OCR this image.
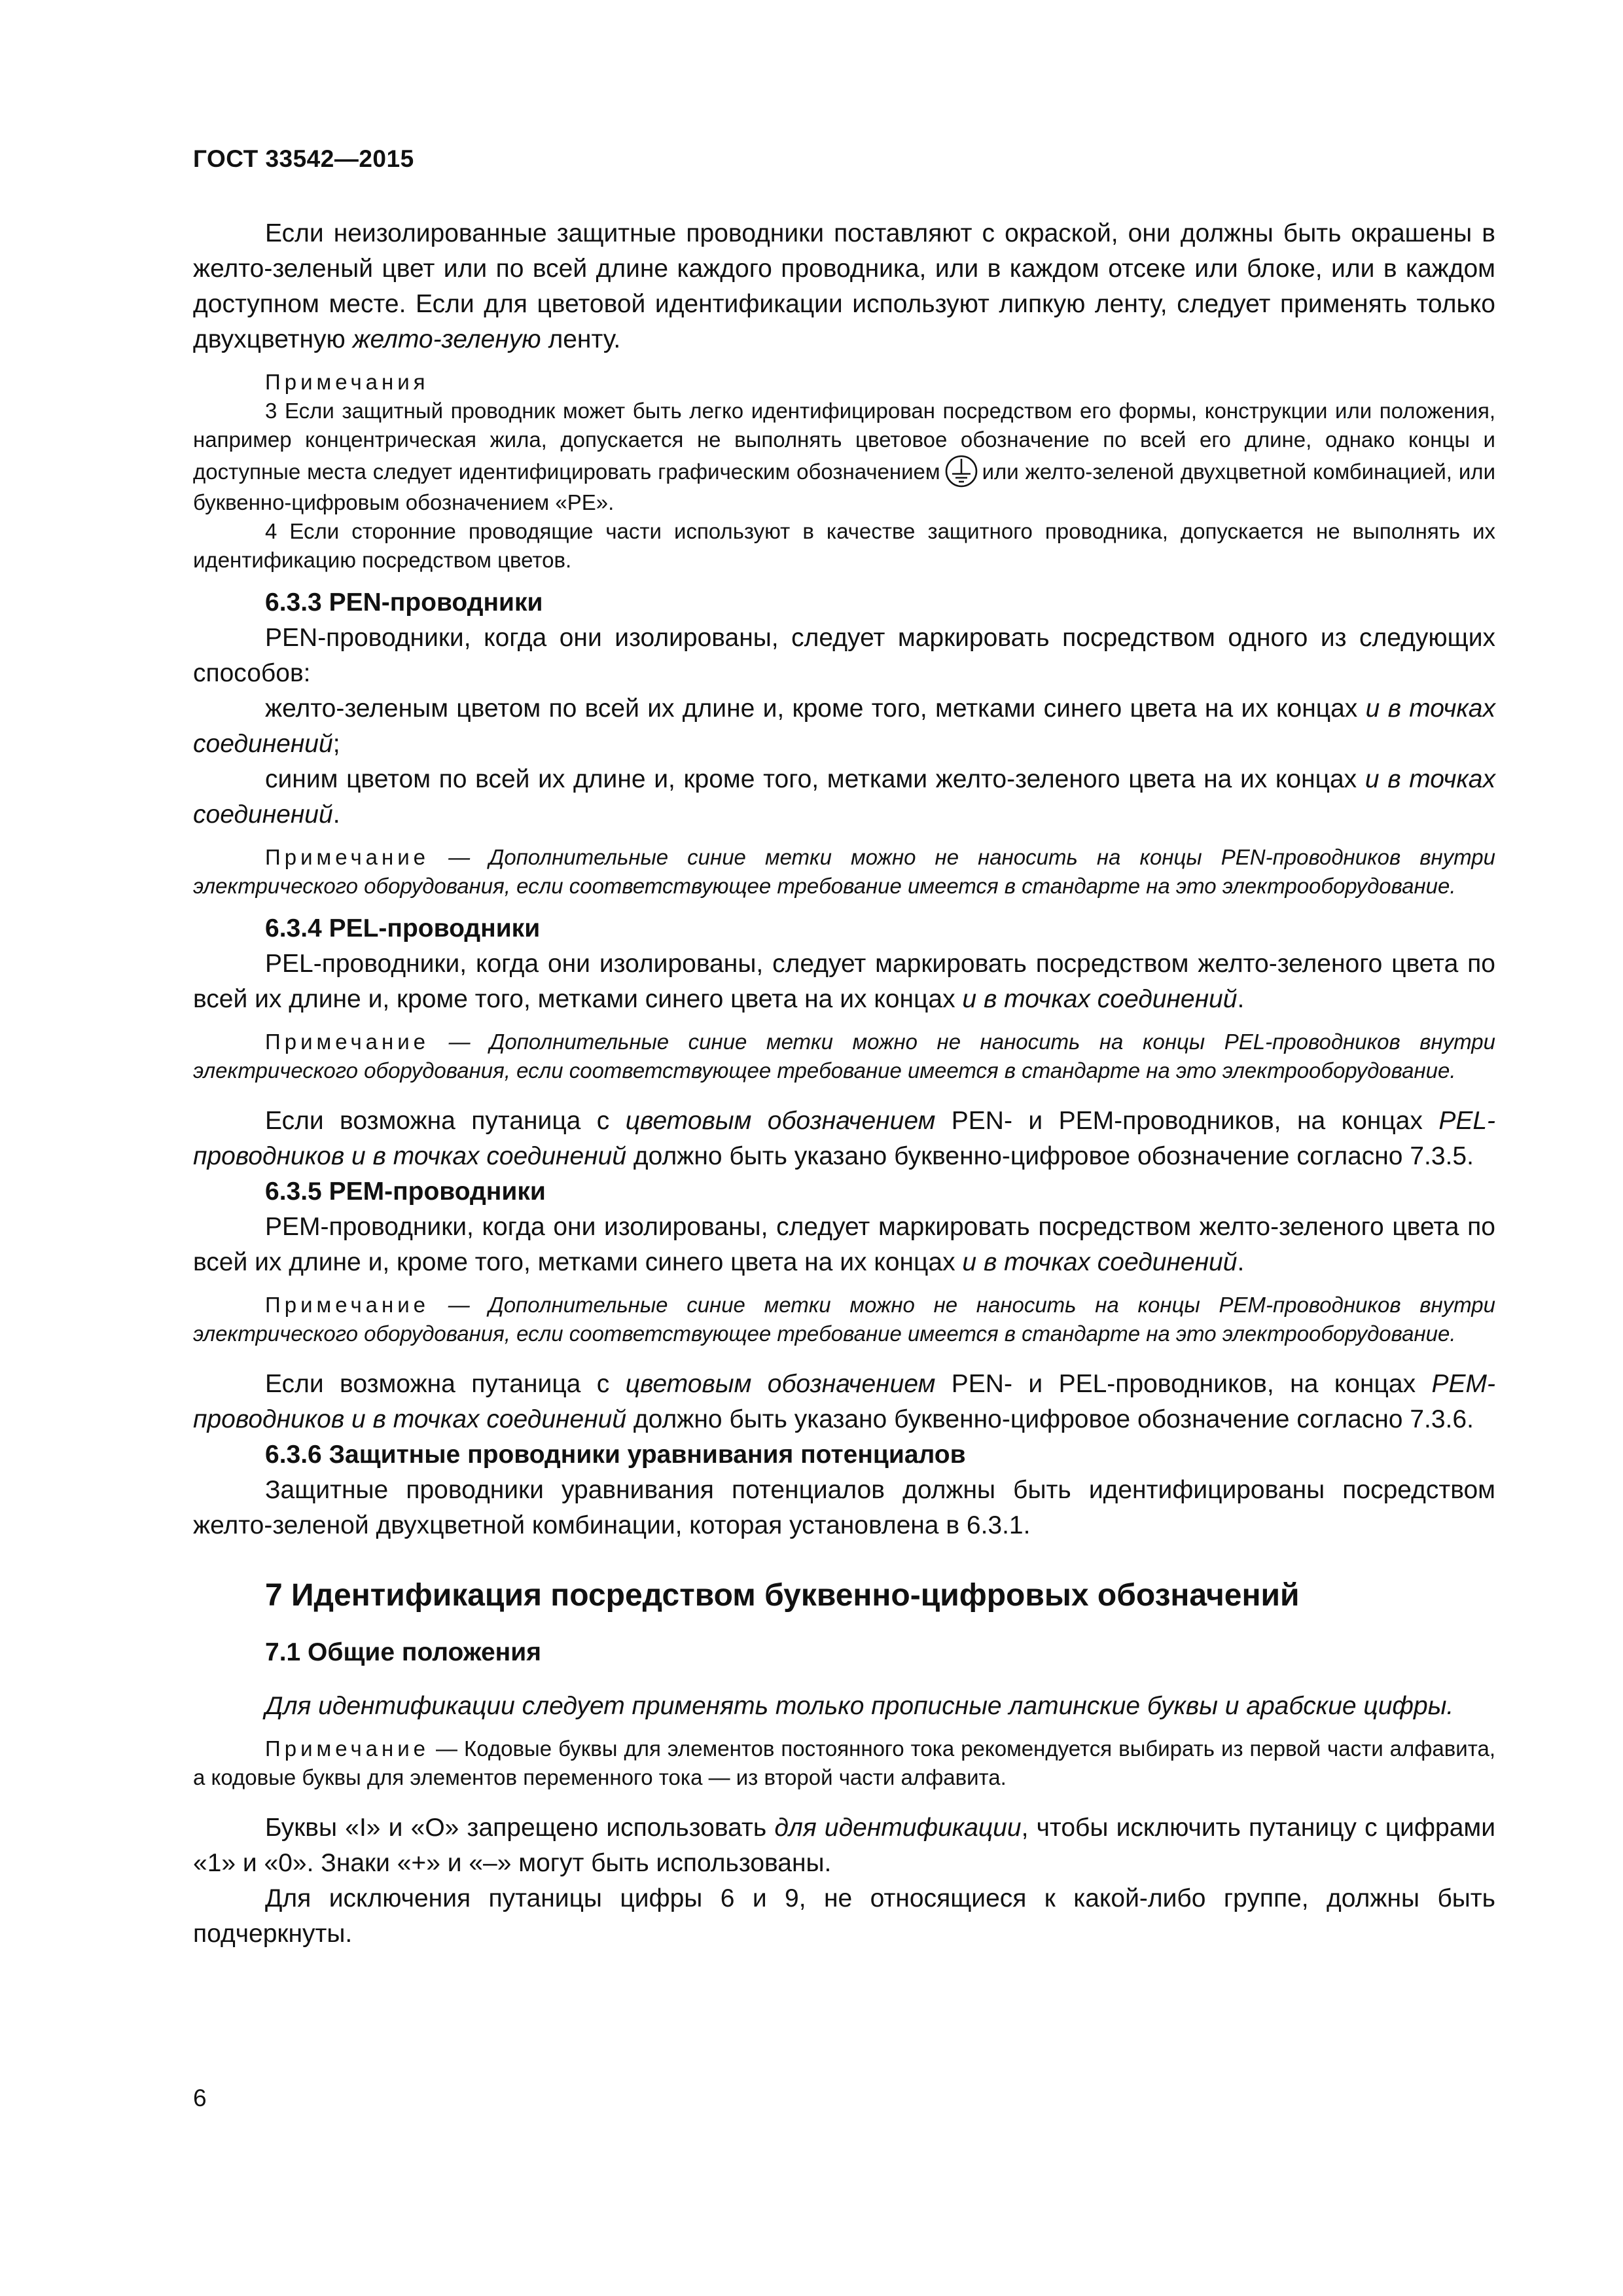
ГОСТ 33542—2015

Если неизолированные защитные проводники поставляют с окраской, они должны быть окрашены в желто-зеленый цвет или по всей длине каждого проводника, или в каждом отсеке или блоке, или в каждом доступном месте. Если для цветовой идентификации используют липкую ленту, следует применять только двухцветную желто-зеленую ленту.

Примечания

3 Если защитный проводник может быть легко идентифицирован посредством его формы, конструкции или положения, например концентрическая жила, допускается не выполнять цветовое обозначение по всей его длине, однако концы и доступные места следует идентифицировать графическим обозначением или желто-зеленой двухцветной комбинацией, или буквенно-цифровым обозначением «PE».

4 Если сторонние проводящие части используют в качестве защитного проводника, допускается не выполнять их идентификацию посредством цветов.

6.3.3 PEN-проводники

PEN-проводники, когда они изолированы, следует маркировать посредством одного из следующих способов:

желто-зеленым цветом по всей их длине и, кроме того, метками синего цвета на их концах и в точках соединений;

синим цветом по всей их длине и, кроме того, метками желто-зеленого цвета на их концах и в точках соединений.

Примечание — Дополнительные синие метки можно не наносить на концы PEN-проводников внутри электрического оборудования, если соответствующее требование имеется в стандарте на это электрооборудование.

6.3.4 PEL-проводники

PEL-проводники, когда они изолированы, следует маркировать посредством желто-зеленого цвета по всей их длине и, кроме того, метками синего цвета на их концах и в точках соединений.

Примечание — Дополнительные синие метки можно не наносить на концы PEL-проводников внутри электрического оборудования, если соответствующее требование имеется в стандарте на это электрооборудование.

Если возможна путаница с цветовым обозначением PEN- и PEM-проводников, на концах PEL-проводников и в точках соединений должно быть указано буквенно-цифровое обозначение согласно 7.3.5.

6.3.5 PEM-проводники

PEM-проводники, когда они изолированы, следует маркировать посредством желто-зеленого цвета по всей их длине и, кроме того, метками синего цвета на их концах и в точках соединений.

Примечание — Дополнительные синие метки можно не наносить на концы PEM-проводников внутри электрического оборудования, если соответствующее требование имеется в стандарте на это электрооборудование.

Если возможна путаница с цветовым обозначением PEN- и PEL-проводников, на концах PEM-проводников и в точках соединений должно быть указано буквенно-цифровое обозначение согласно 7.3.6.

6.3.6 Защитные проводники уравнивания потенциалов

Защитные проводники уравнивания потенциалов должны быть идентифицированы посредством желто-зеленой двухцветной комбинации, которая установлена в 6.3.1.

7 Идентификация посредством буквенно-цифровых обозначений

7.1 Общие положения

Для идентификации следует применять только прописные латинские буквы и арабские цифры.

Примечание — Кодовые буквы для элементов постоянного тока рекомендуется выбирать из первой части алфавита, а кодовые буквы для элементов переменного тока — из второй части алфавита.

Буквы «I» и «O» запрещено использовать для идентификации, чтобы исключить путаницу с цифрами «1» и «0». Знаки «+» и «–» могут быть использованы.

Для исключения путаницы цифры 6 и 9, не относящиеся к какой-либо группе, должны быть подчеркнуты.

6
